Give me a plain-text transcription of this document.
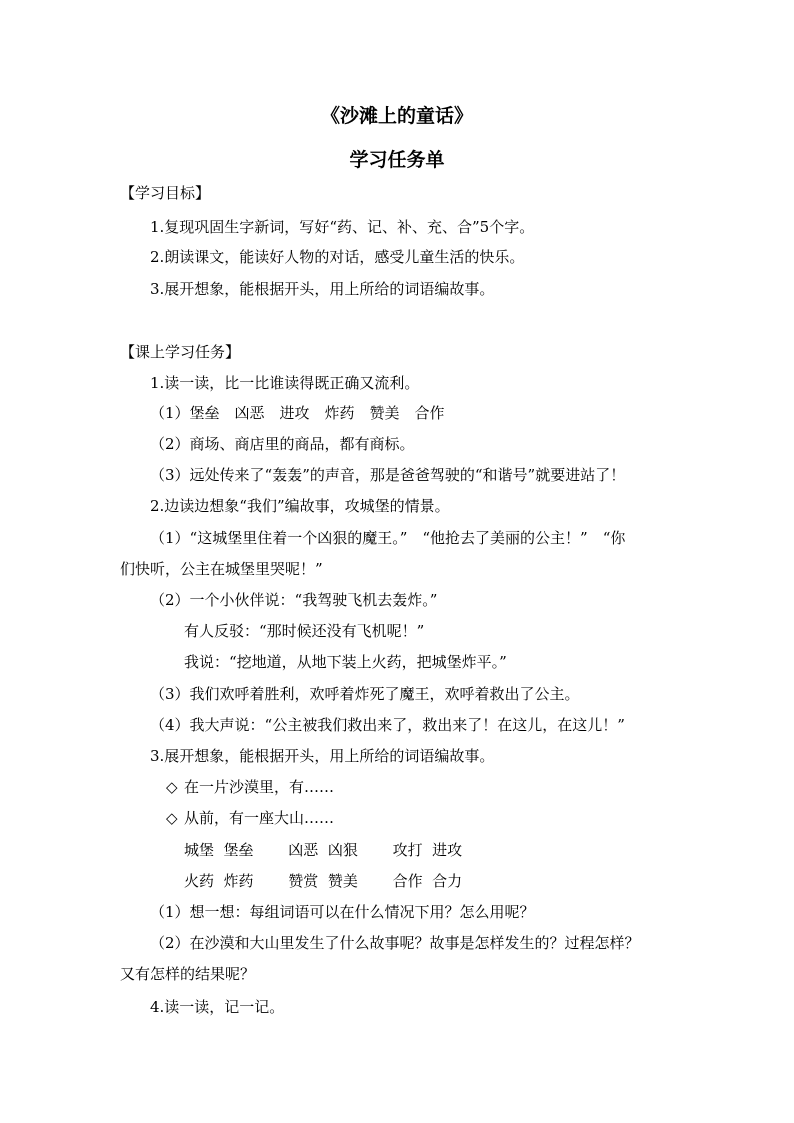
《沙滩上的童话》
学习任务单
【学习目标】
1.复现巩固生字新词，写好“药、记、补、充、合”5个字。
2.朗读课文，能读好人物的对话，感受儿童生活的快乐。
3.展开想象，能根据开头，用上所给的词语编故事。
【课上学习任务】
1.读一读，比一比谁读得既正确又流利。
（1）堡垒　凶恶　进攻　炸药　赞美　合作
（2）商场、商店里的商品，都有商标。
（3）远处传来了“轰轰”的声音，那是爸爸驾驶的“和谐号”就要进站了！
2.边读边想象“我们”编故事，攻城堡的情景。
（1）“这城堡里住着一个凶狠的魔王。”　“他抢去了美丽的公主！”　“你
们快听，公主在城堡里哭呢！”
（2）一个小伙伴说：“我驾驶飞机去轰炸。”
有人反驳：“那时候还没有飞机呢！”
我说：“挖地道，从地下装上火药，把城堡炸平。”
（3）我们欢呼着胜利，欢呼着炸死了魔王，欢呼着救出了公主。
（4）我大声说：“公主被我们救出来了，救出来了！在这儿，在这儿！”
3.展开想象，能根据开头，用上所给的词语编故事。
◇ 在一片沙漠里，有……
◇ 从前，有一座大山……
城堡  堡垒　　 凶恶  凶狠　　 攻打  进攻
火药  炸药　　 赞赏  赞美　　 合作  合力
（1）想一想：每组词语可以在什么情况下用？怎么用呢？
（2）在沙漠和大山里发生了什么故事呢？故事是怎样发生的？过程怎样？
又有怎样的结果呢？
4.读一读，记一记。
